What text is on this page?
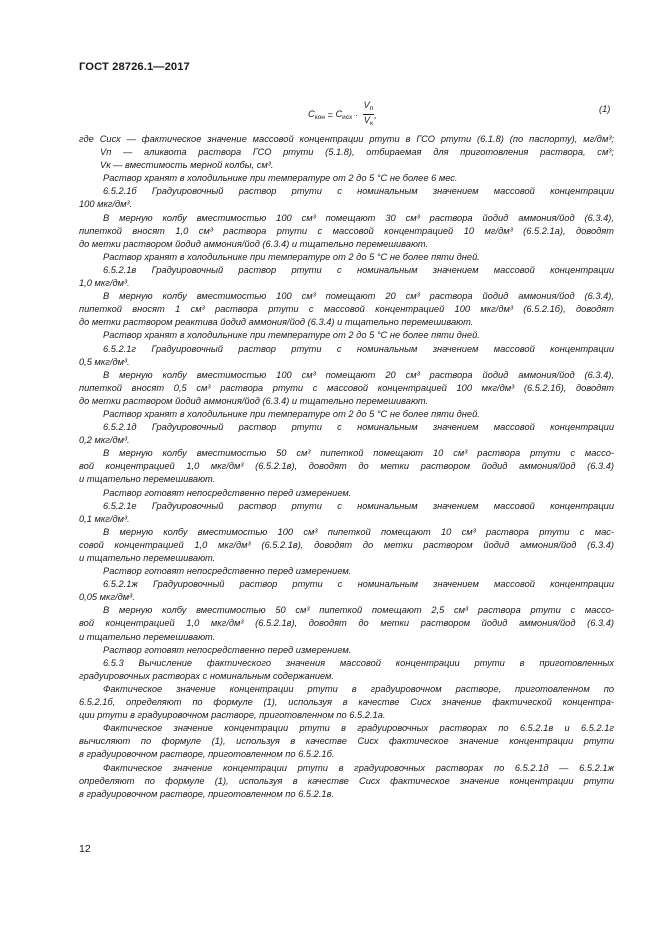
ГОСТ 28726.1—2017
$C_{кон} = C_{исх} \cdot \frac{V_п}{V_к}$ ,
(1)
где Cисх — фактическое значение массовой концентрации ртути в ГСО ртути (6.1.8) (по паспорту), мг/дм³;
Vп — аликвота раствора ГСО ртути (5.1.8), отбираемая для приготовления раствора, см³;
Vк — вместимость мерной колбы, см³.
Раствор хранят в холодильнике при температуре от 2 до 5 °С не более 6 мес.
6.5.2.1б Градуировочный раствор ртути с номинальным значением массовой концентрации
100 мкг/дм³.
В мерную колбу вместимостью 100 см³ помещают 30 см³ раствора йодид аммония/йод (6.3.4),
пипеткой вносят 1,0 см³ раствора ртути с массовой концентрацией 10 мг/дм³ (6.5.2.1а), доводят
до метки раствором йодид аммония/йод (6.3.4) и тщательно перемешивают.
Раствор хранят в холодильнике при температуре от 2 до 5 °С не более пяти дней.
6.5.2.1в Градуировочный раствор ртути с номинальным значением массовой концентрации
1,0 мкг/дм³.
В мерную колбу вместимостью 100 см³ помещают 20 см³ раствора йодид аммония/йод (6.3.4),
пипеткой вносят 1 см³ раствора ртути с массовой концентрацией 100 мкг/дм³ (6.5.2.1б), доводят
до метки раствором реактива йодид аммония/йод (6.3.4) и тщательно перемешивают.
Раствор хранят в холодильнике при температуре от 2 до 5 °С не более пяти дней.
6.5.2.1г Градуировочный раствор ртути с номинальным значением массовой концентрации
0,5 мкг/дм³.
В мерную колбу вместимостью 100 см³ помещают 20 см³ раствора йодид аммония/йод (6.3.4),
пипеткой вносят 0,5 см³ раствора ртути с массовой концентрацией 100 мкг/дм³ (6.5.2.1б), доводят
до метки раствором йодид аммония/йод (6.3.4) и тщательно перемешивают.
Раствор хранят в холодильнике при температуре от 2 до 5 °С не более пяти дней.
6.5.2.1д Градуировочный раствор ртути с номинальным значением массовой концентрации
0,2 мкг/дм³.
В мерную колбу вместимостью 50 см³ пипеткой помещают 10 см³ раствора ртути с массо-
вой концентрацией 1,0 мкг/дм³ (6.5.2.1в), доводят до метки раствором йодид аммония/йод (6.3.4)
и тщательно перемешивают.
Раствор готовят непосредственно перед измерением.
6.5.2.1е Градуировочный раствор ртути с номинальным значением массовой концентрации
0,1 мкг/дм³.
В мерную колбу вместимостью 100 см³ пипеткой помещают 10 см³ раствора ртути с мас-
совой концентрацией 1,0 мкг/дм³ (6.5.2.1в), доводят до метки раствором йодид аммония/йод (6.3.4)
и тщательно перемешивают.
Раствор готовят непосредственно перед измерением.
6.5.2.1ж Градуировочный раствор ртути с номинальным значением массовой концентрации
0,05 мкг/дм³.
В мерную колбу вместимостью 50 см³ пипеткой помещают 2,5 см³ раствора ртути с массо-
вой концентрацией 1,0 мкг/дм³ (6.5.2.1в), доводят до метки раствором йодид аммония/йод (6.3.4)
и тщательно перемешивают.
Раствор готовят непосредственно перед измерением.
6.5.3 Вычисление фактического значения массовой концентрации ртути в приготовленных
градуировочных растворах с номинальным содержанием.
Фактическое значение концентрации ртути в градуировочном растворе, приготовленном по
6.5.2.1б, определяют по формуле (1), используя в качестве Cисх значение фактической концентра-
ции ртути в градуировочном растворе, приготовленном по 6.5.2.1а.
Фактическое значение концентрации ртути в градуировочных растворах по 6.5.2.1в и 6.5.2.1г
вычисляют по формуле (1), используя в качестве Cисх фактическое значение концентрации ртути
в градуировочном растворе, приготовленном по 6.5.2.1б.
Фактическое значение концентрации ртути в градуировочных растворах по 6.5.2.1д — 6.5.2.1ж
определяют по формуле (1), используя в качестве Cисх фактическое значение концентрации ртути
в градуировочном растворе, приготовленном по 6.5.2.1в.
12
